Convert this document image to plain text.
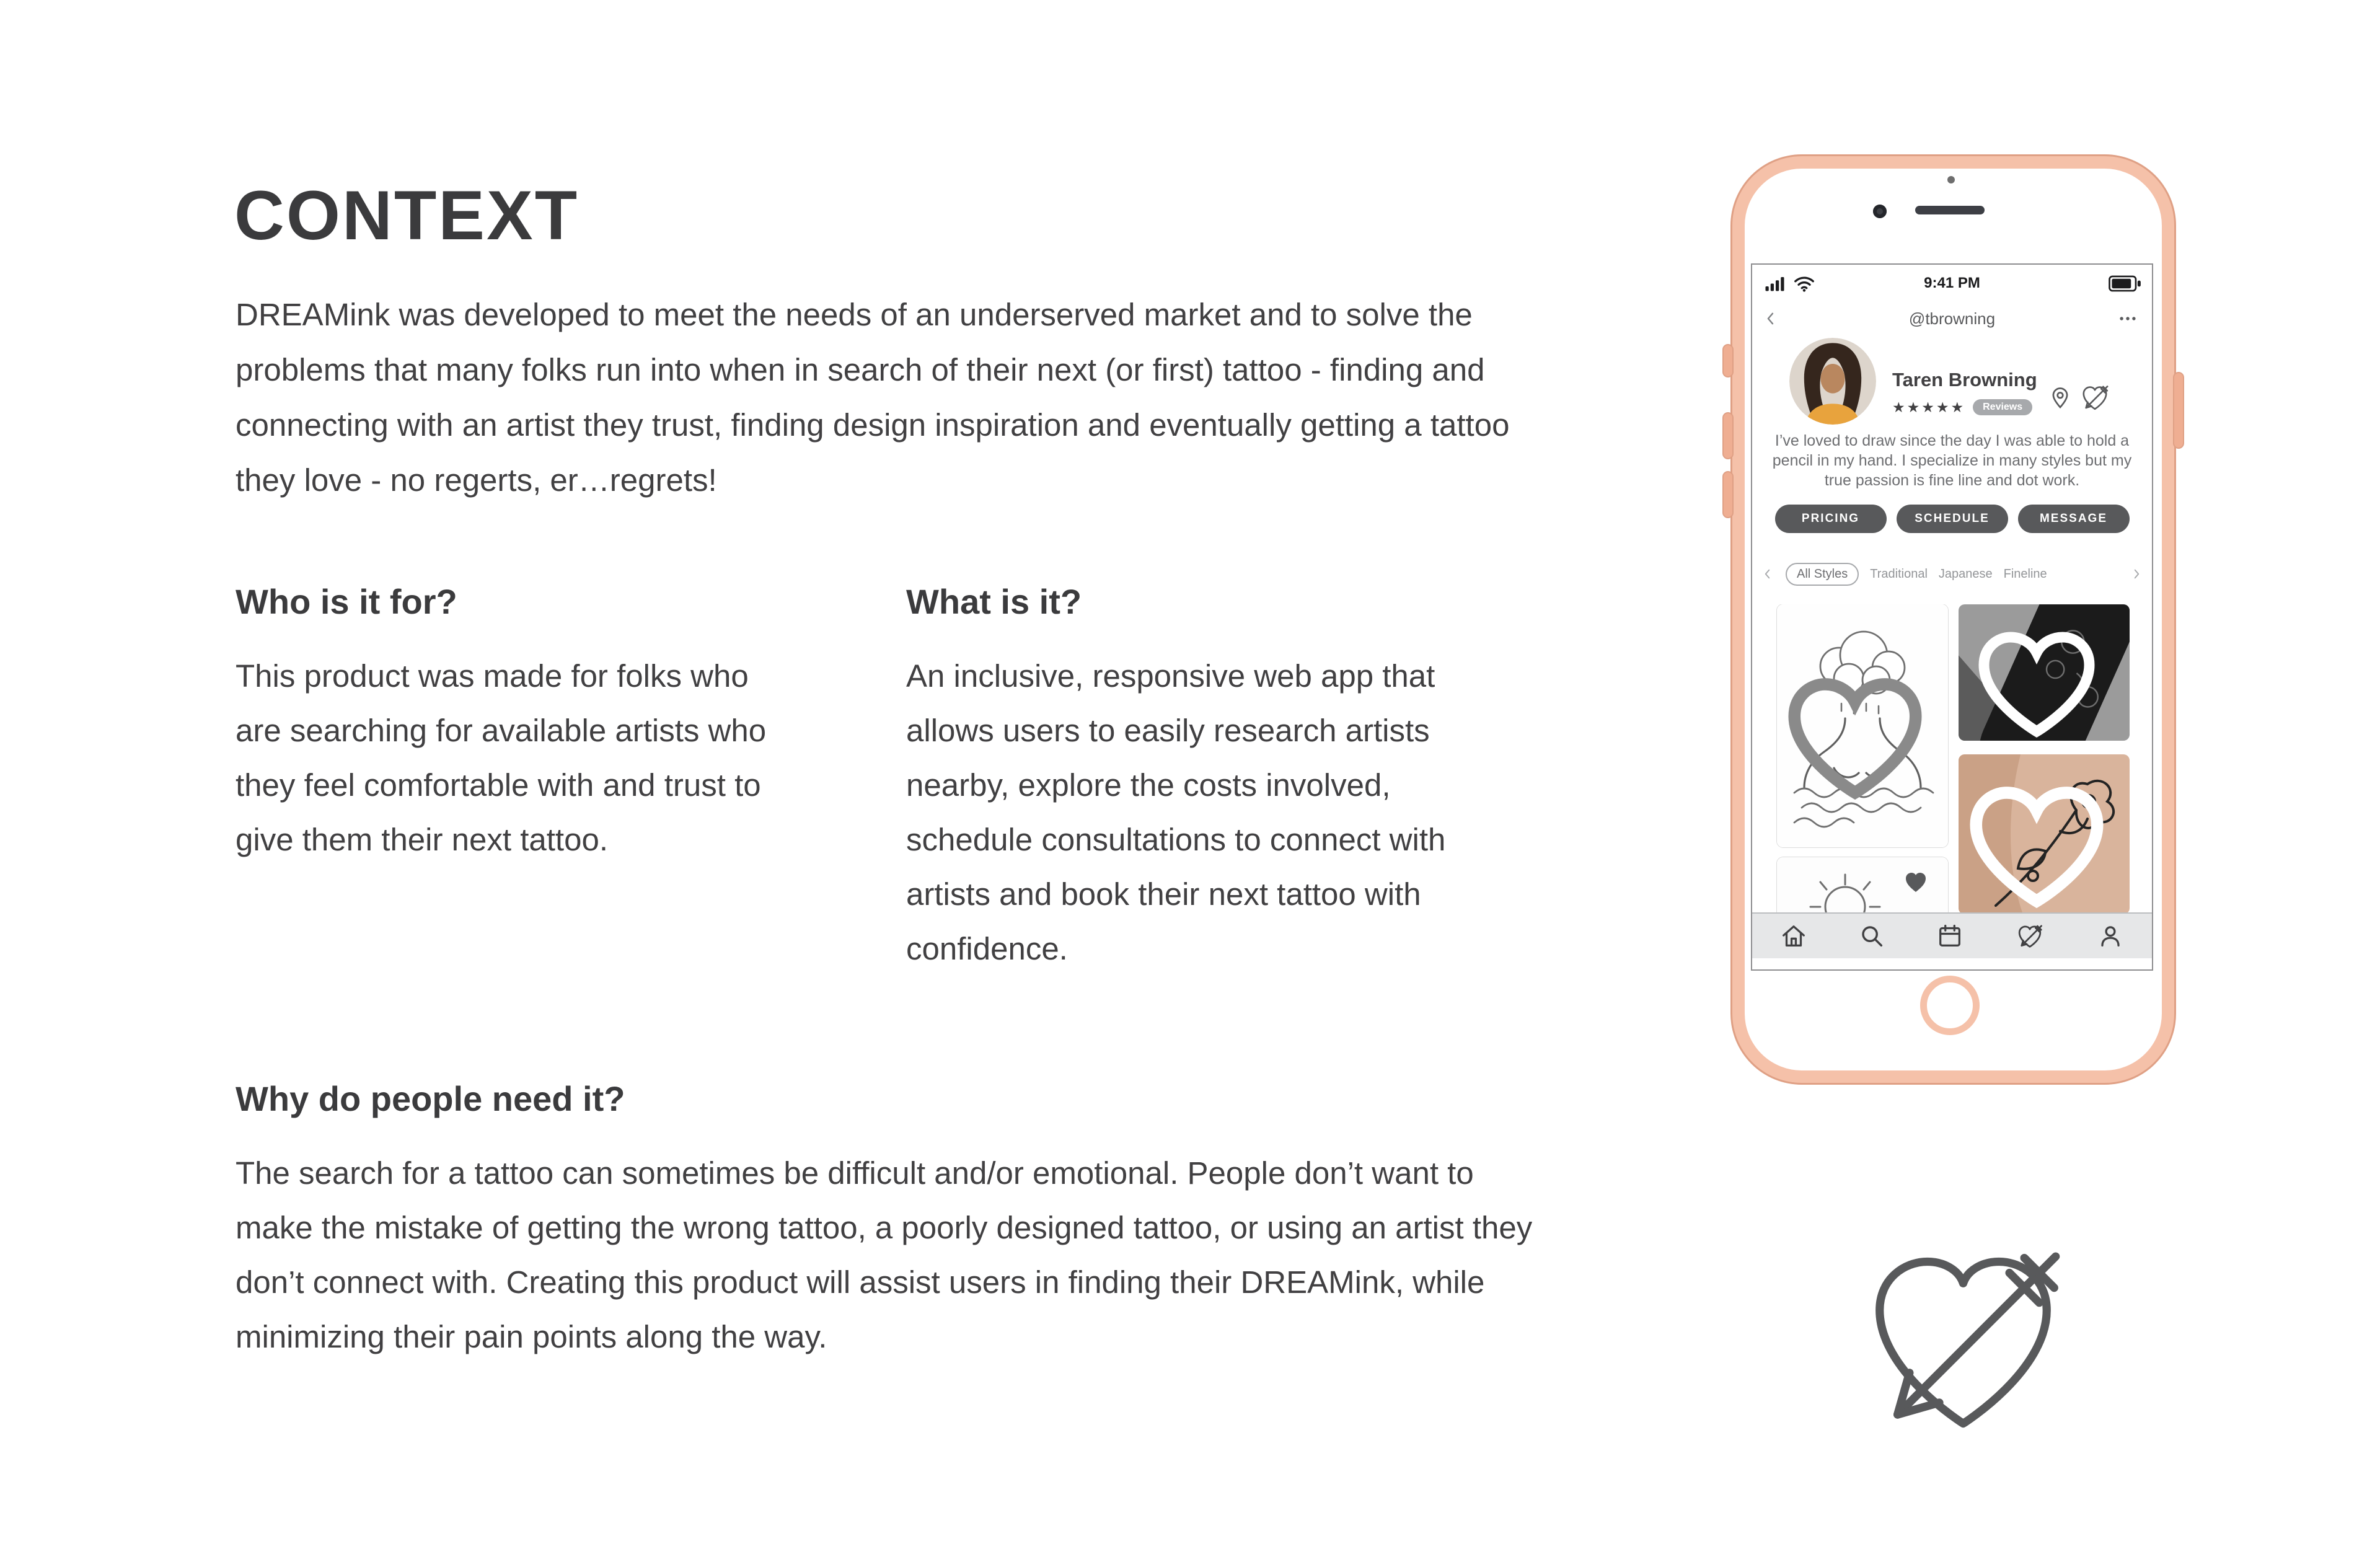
CONTEXT

DREAMink was developed to meet the needs of an underserved market and to solve the problems that many folks run into when in search of their next (or first) tattoo - finding and connecting with an artist they trust, finding design inspiration and eventually getting a tattoo they love - no regerts, er…regrets!

Who is it for?

This product was made for folks who are searching for available artists who they feel comfortable with and trust to give them their next tattoo.

What is it?

An inclusive, responsive web app that allows users to easily research artists nearby, explore the costs involved, schedule consultations to connect with artists and book their next tattoo with confidence.

Why do people need it?

The search for a tattoo can sometimes be difficult and/or emotional. People don’t want to make the mistake of getting the wrong tattoo, a poorly designed tattoo, or using an artist they don’t connect with. Creating this product will assist users in finding their DREAMink, while minimizing their pain points along the way.

9:41 PM
@tbrowning
Taren Browning
★★★★★	Reviews
I’ve loved to draw since the day I was able to hold a pencil in my hand. I specialize in many styles but my true passion is fine line and dot work.
PRICING	SCHEDULE	MESSAGE
All Styles	Traditional Japanese Fineline
